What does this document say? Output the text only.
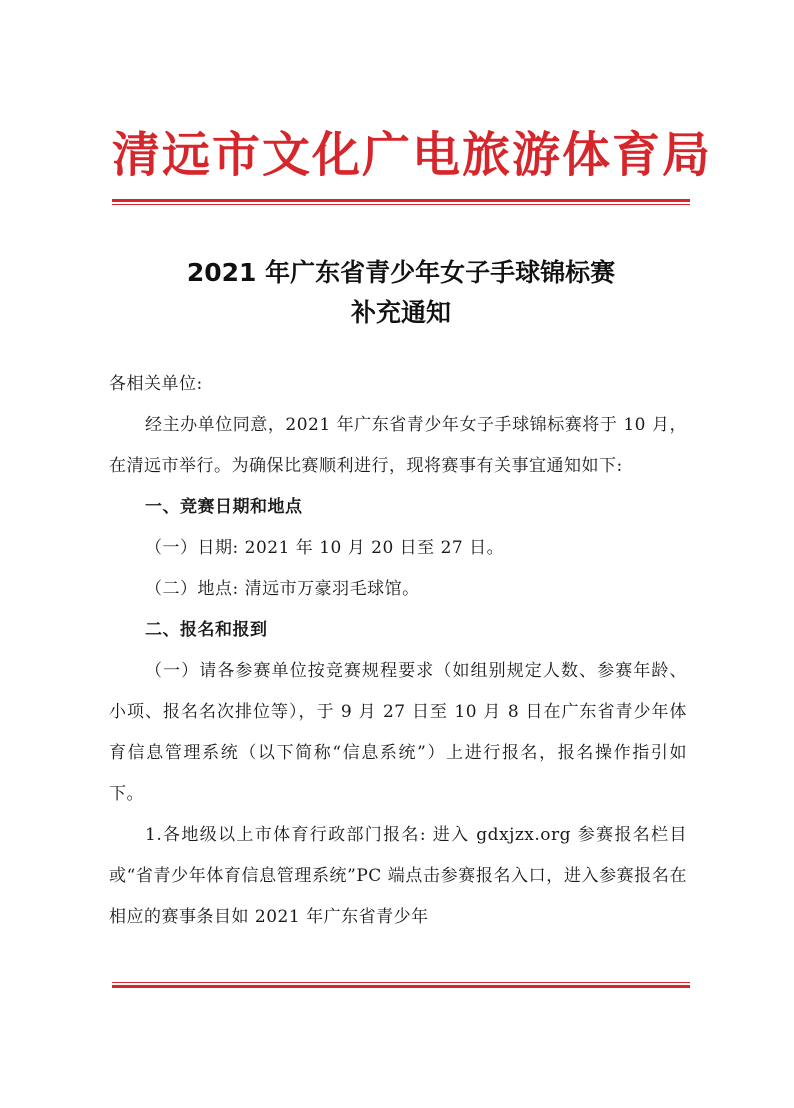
清远市文化广电旅游体育局
2021 年广东省青少年女子手球锦标赛
补充通知

各相关单位:

经主办单位同意，2021 年广东省青少年女子手球锦标赛将于 10 月，在清远市举行。为确保比赛顺利进行，现将赛事有关事宜通知如下:

一、竞赛日期和地点

（一）日期: 2021 年 10 月 20 日至 27 日。

（二）地点: 清远市万豪羽毛球馆。

二、报名和报到

（一）请各参赛单位按竞赛规程要求（如组别规定人数、参赛年龄、小项、报名名次排位等），于 9 月 27 日至 10 月 8 日在广东省青少年体育信息管理系统（以下简称“信息系统”）上进行报名，报名操作指引如下。

1.各地级以上市体育行政部门报名: 进入 gdxjzx.org 参赛报名栏目或“省青少年体育信息管理系统”PC 端点击参赛报名入口，进入参赛报名在相应的赛事条目如 2021 年广东省青少年
